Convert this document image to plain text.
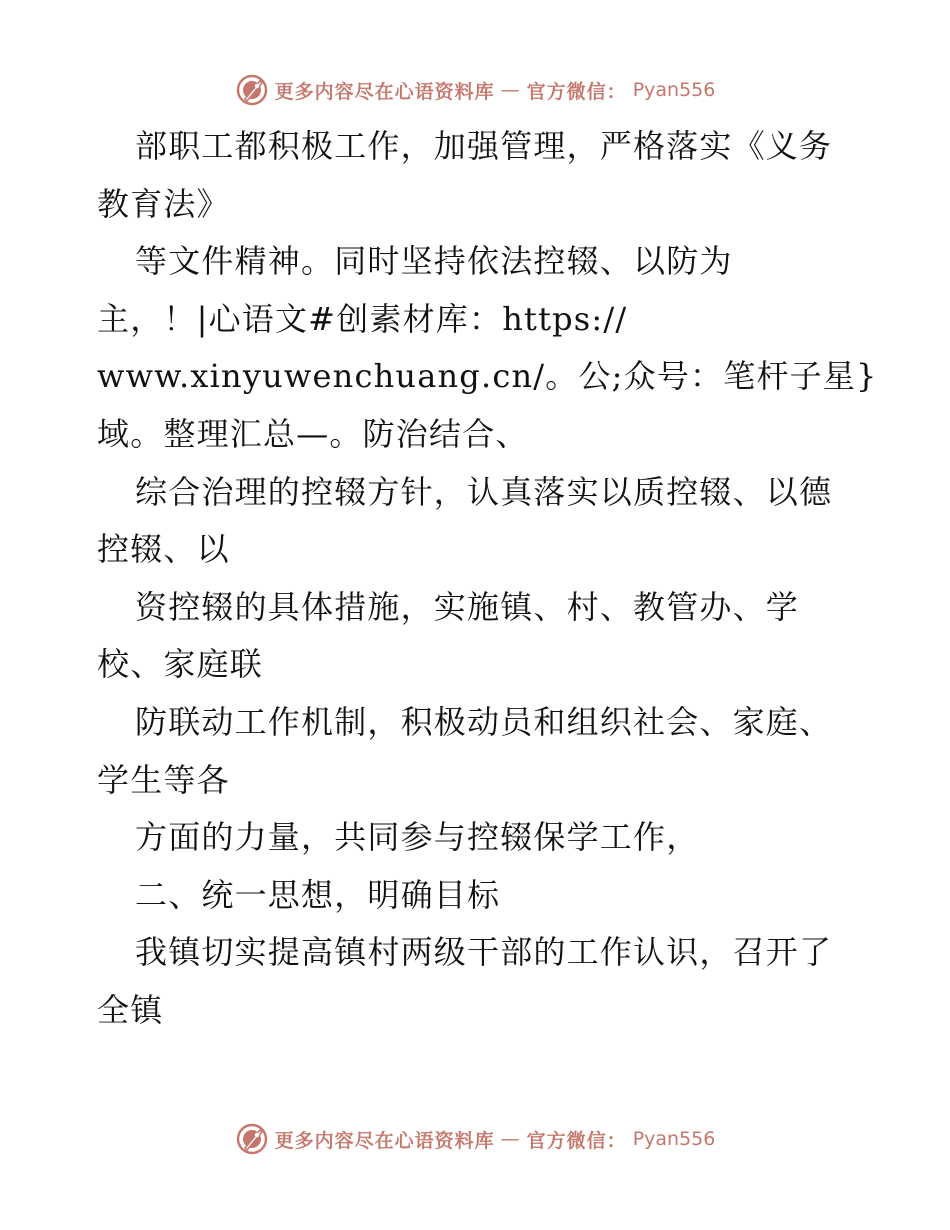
更多内容尽在心语资料库 — 官方微信： Pyan556
部职工都积极工作，加强管理，严格落实《义务
教育法》
等文件精神。同时坚持依法控辍、以防为
主，！|心语文#创素材库：https://
www.xinyuwenchuang.cn/。公;众号：笔杆子星}
域。整理汇总—。防治结合、
综合治理的控辍方针，认真落实以质控辍、以德
控辍、以
资控辍的具体措施，实施镇、村、教管办、学
校、家庭联
防联动工作机制，积极动员和组织社会、家庭、
学生等各
方面的力量，共同参与控辍保学工作，
二、统一思想，明确目标
我镇切实提高镇村两级干部的工作认识，召开了
全镇
更多内容尽在心语资料库 — 官方微信： Pyan556
